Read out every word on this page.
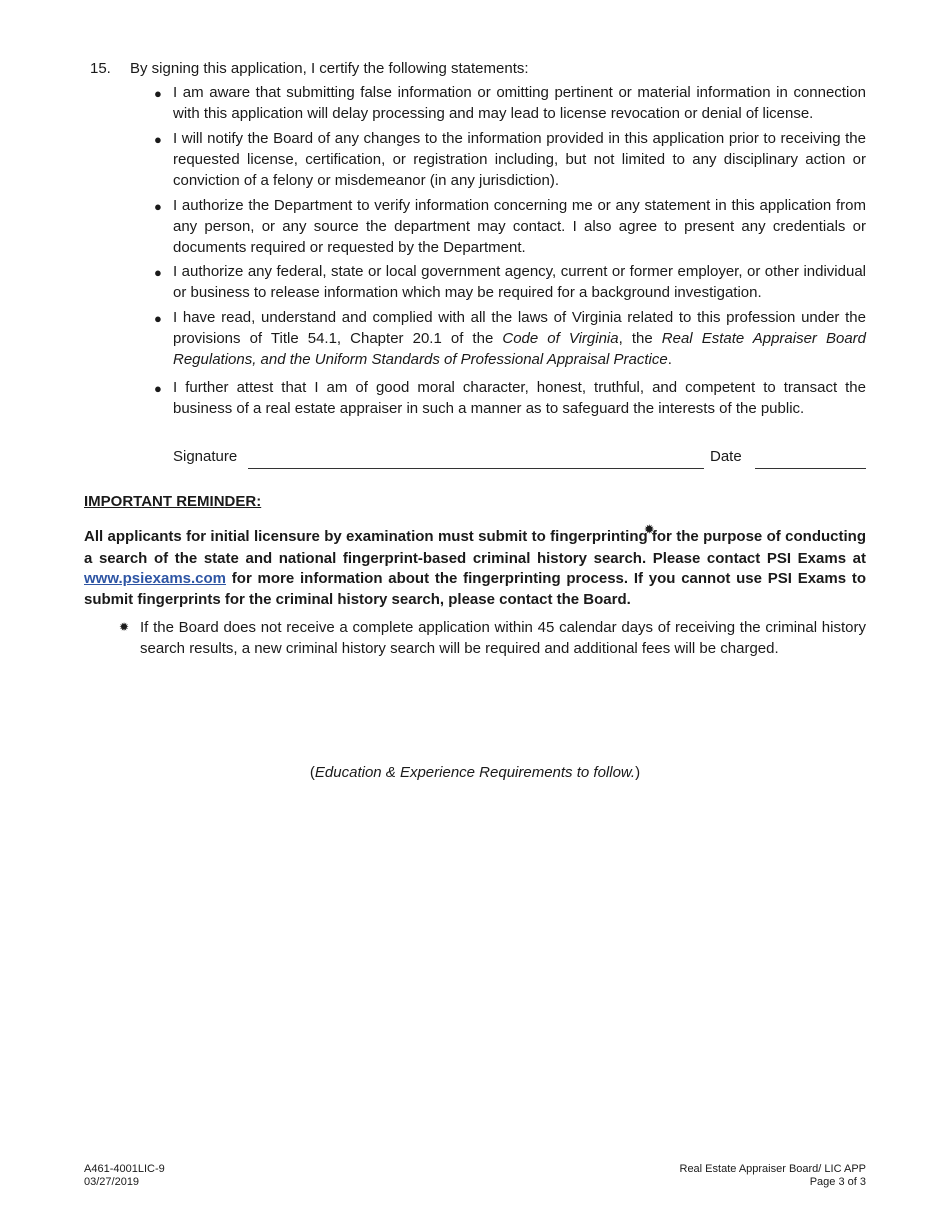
15. By signing this application, I certify the following statements:
● I am aware that submitting false information or omitting pertinent or material information in connection with this application will delay processing and may lead to license revocation or denial of license.
● I will notify the Board of any changes to the information provided in this application prior to receiving the requested license, certification, or registration including, but not limited to any disciplinary action or conviction of a felony or misdemeanor (in any jurisdiction).
● I authorize the Department to verify information concerning me or any statement in this application from any person, or any source the department may contact. I also agree to present any credentials or documents required or requested by the Department.
● I authorize any federal, state or local government agency, current or former employer, or other individual or business to release information which may be required for a background investigation.
● I have read, understand and complied with all the laws of Virginia related to this profession under the provisions of Title 54.1, Chapter 20.1 of the Code of Virginia, the Real Estate Appraiser Board Regulations, and the Uniform Standards of Professional Appraisal Practice.
● I further attest that I am of good moral character, honest, truthful, and competent to transact the business of a real estate appraiser in such a manner as to safeguard the interests of the public.
Signature	Date
IMPORTANT REMINDER:
All applicants for initial licensure by examination must submit to fingerprinting✹for the purpose of conducting a search of the state and national fingerprint-based criminal history search. Please contact PSI Exams at www.psiexams.com for more information about the fingerprinting process. If you cannot use PSI Exams to submit fingerprints for the criminal history search, please contact the Board.
✹ If the Board does not receive a complete application within 45 calendar days of receiving the criminal history search results, a new criminal history search will be required and additional fees will be charged.
(Education & Experience Requirements to follow.)
A461-4001LIC-9
03/27/2019
Real Estate Appraiser Board/ LIC APP
Page 3 of 3
